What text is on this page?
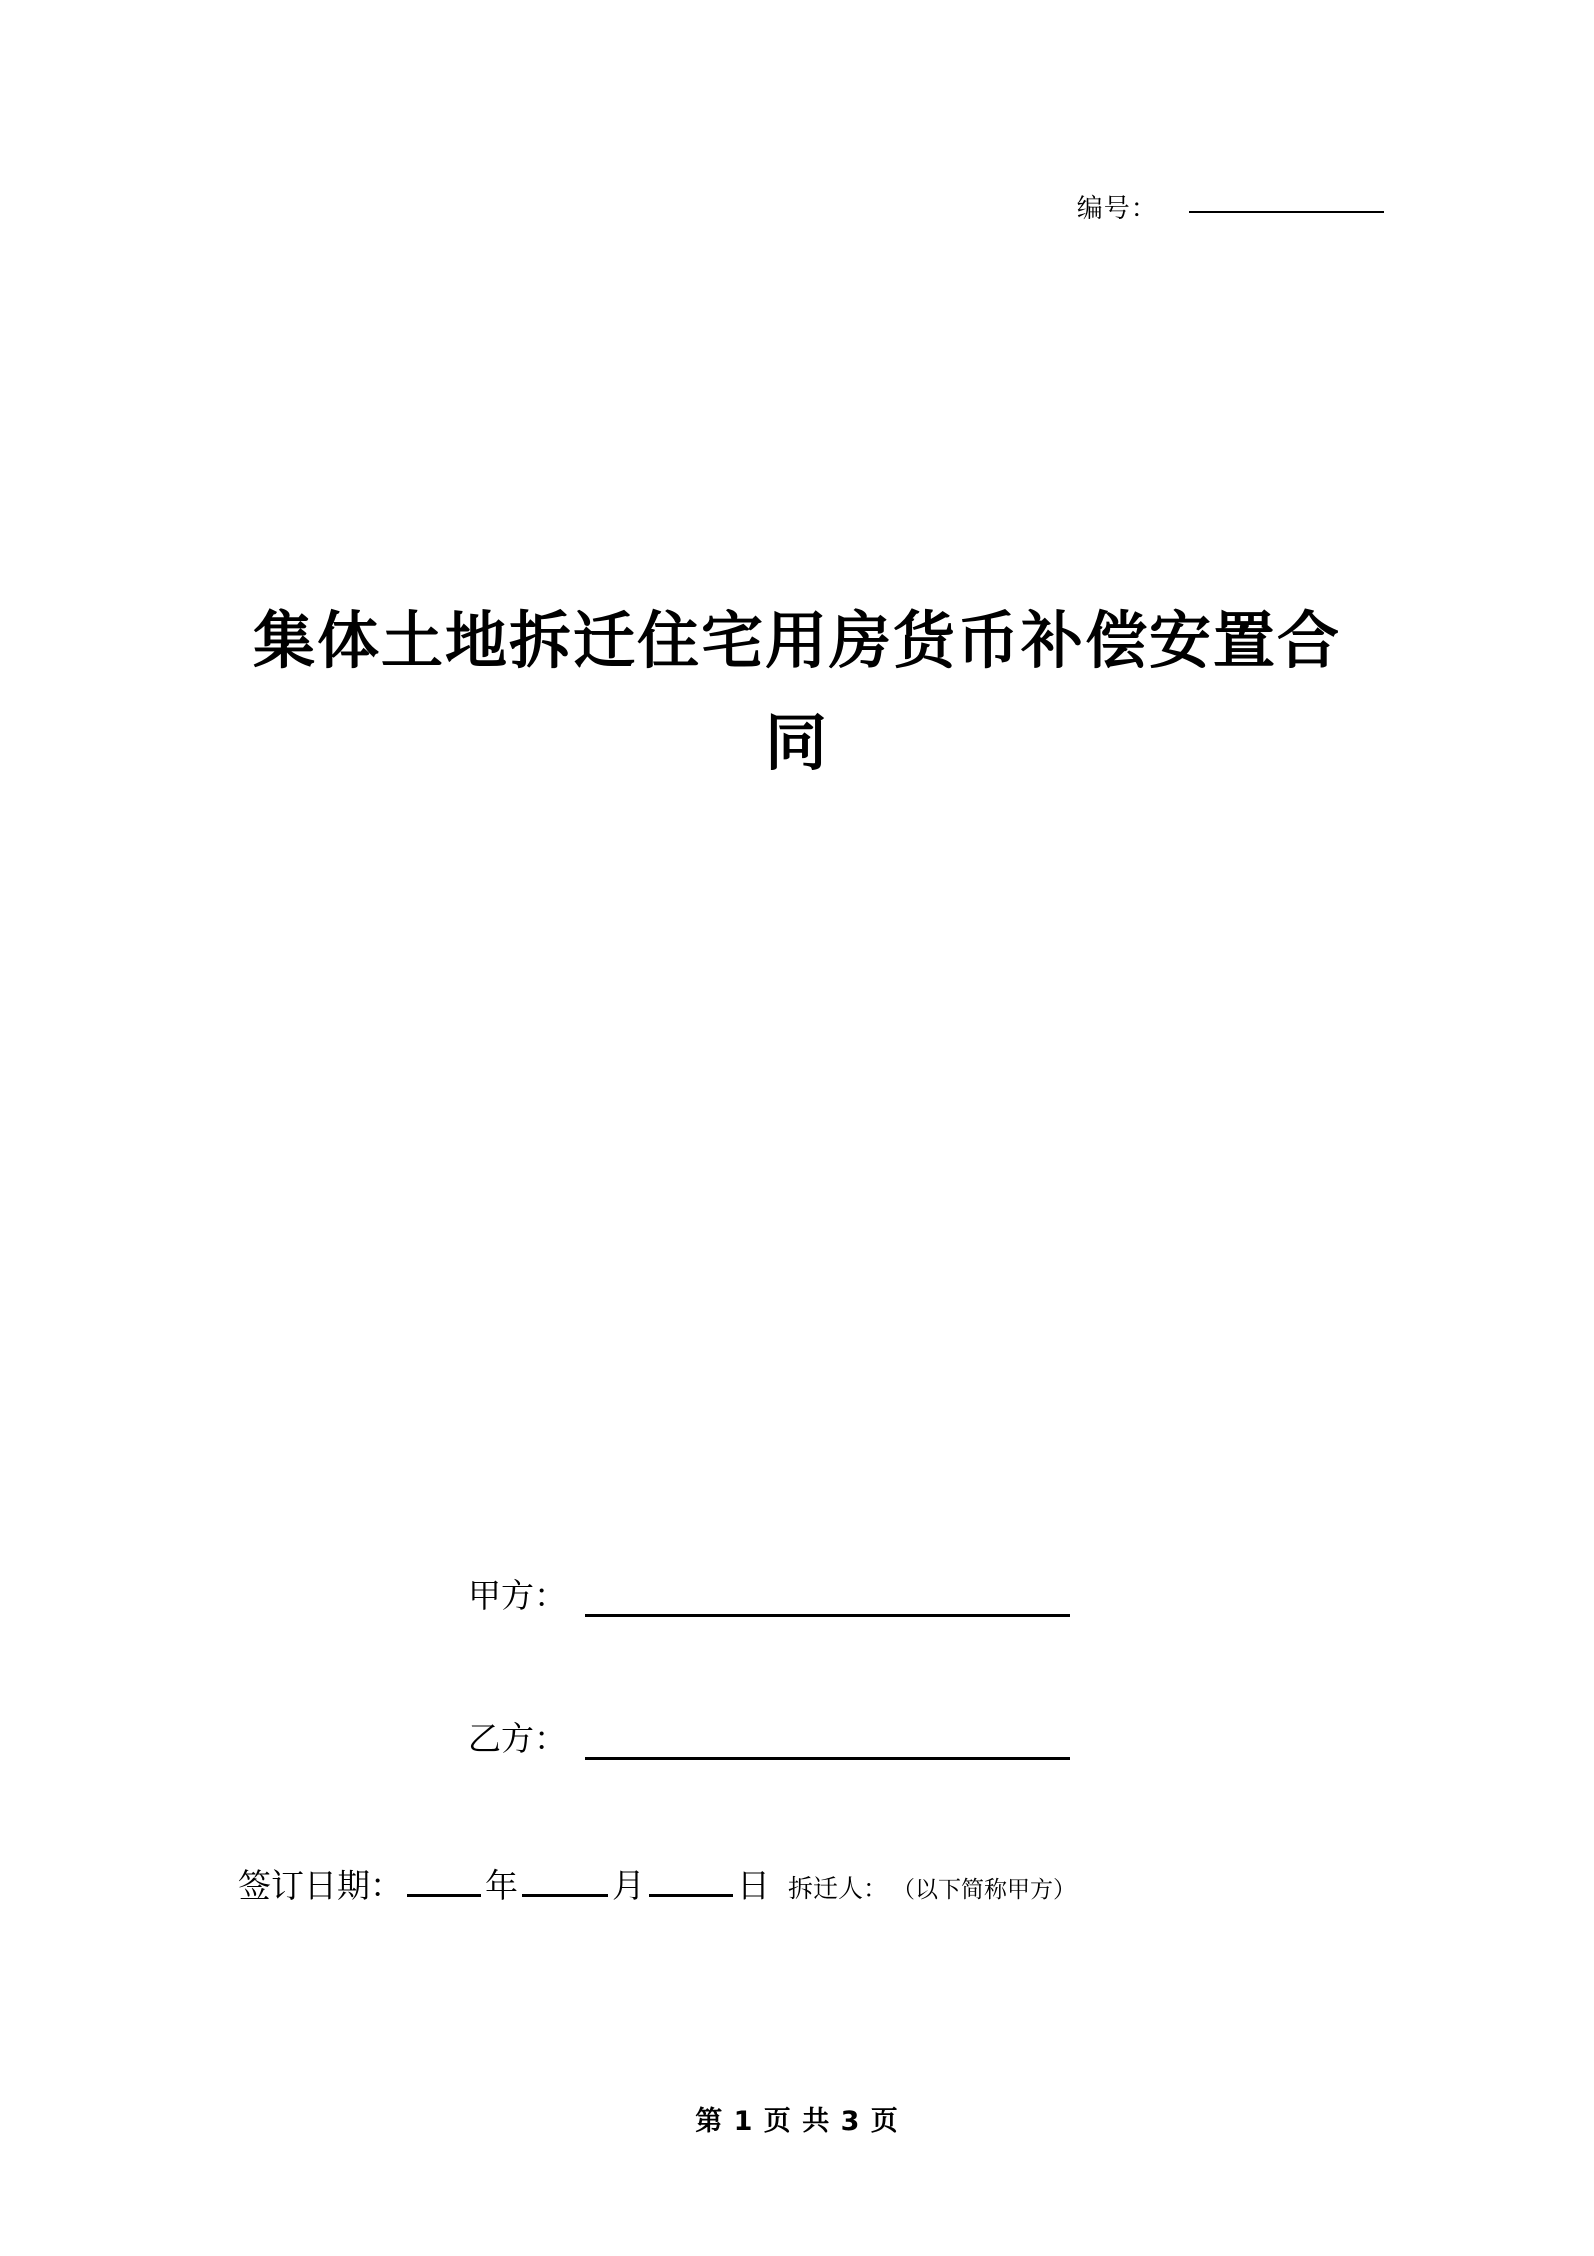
编号：
集体土地拆迁住宅用房货币补偿安置合同
甲方：
乙方：
签订日期： 年	月	日 拆迁人： （以下简称甲方）
第 1 页 共 3 页
